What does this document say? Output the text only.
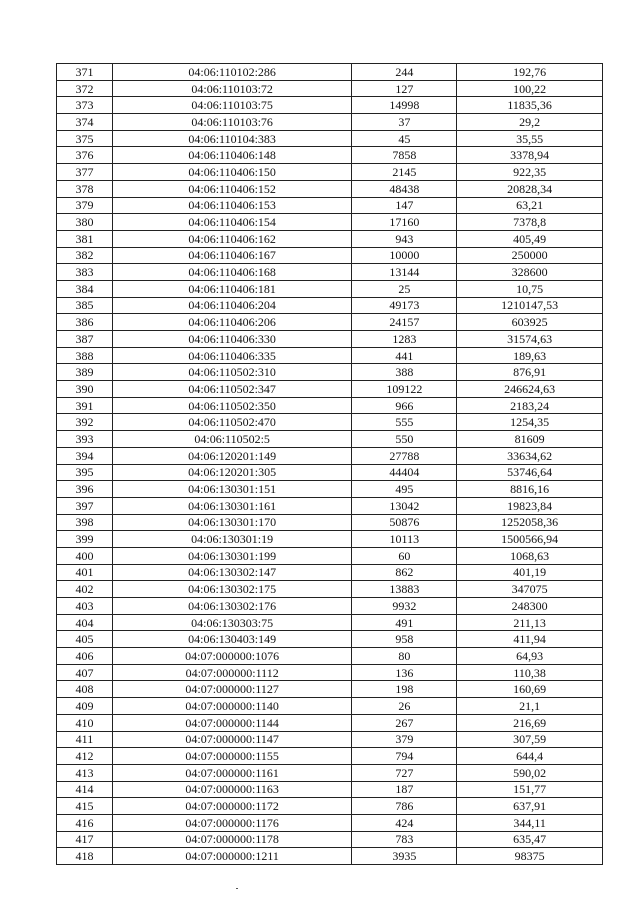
371	04:06:110102:286	244	192,76
372	04:06:110103:72	127	100,22
373	04:06:110103:75	14998	11835,36
374	04:06:110103:76	37	29,2
375	04:06:110104:383	45	35,55
376	04:06:110406:148	7858	3378,94
377	04:06:110406:150	2145	922,35
378	04:06:110406:152	48438	20828,34
379	04:06:110406:153	147	63,21
380	04:06:110406:154	17160	7378,8
381	04:06:110406:162	943	405,49
382	04:06:110406:167	10000	250000
383	04:06:110406:168	13144	328600
384	04:06:110406:181	25	10,75
385	04:06:110406:204	49173	1210147,53
386	04:06:110406:206	24157	603925
387	04:06:110406:330	1283	31574,63
388	04:06:110406:335	441	189,63
389	04:06:110502:310	388	876,91
390	04:06:110502:347	109122	246624,63
391	04:06:110502:350	966	2183,24
392	04:06:110502:470	555	1254,35
393	04:06:110502:5	550	81609
394	04:06:120201:149	27788	33634,62
395	04:06:120201:305	44404	53746,64
396	04:06:130301:151	495	8816,16
397	04:06:130301:161	13042	19823,84
398	04:06:130301:170	50876	1252058,36
399	04:06:130301:19	10113	1500566,94
400	04:06:130301:199	60	1068,63
401	04:06:130302:147	862	401,19
402	04:06:130302:175	13883	347075
403	04:06:130302:176	9932	248300
404	04:06:130303:75	491	211,13
405	04:06:130403:149	958	411,94
406	04:07:000000:1076	80	64,93
407	04:07:000000:1112	136	110,38
408	04:07:000000:1127	198	160,69
409	04:07:000000:1140	26	21,1
410	04:07:000000:1144	267	216,69
411	04:07:000000:1147	379	307,59
412	04:07:000000:1155	794	644,4
413	04:07:000000:1161	727	590,02
414	04:07:000000:1163	187	151,77
415	04:07:000000:1172	786	637,91
416	04:07:000000:1176	424	344,11
417	04:07:000000:1178	783	635,47
418	04:07:000000:1211	3935	98375
